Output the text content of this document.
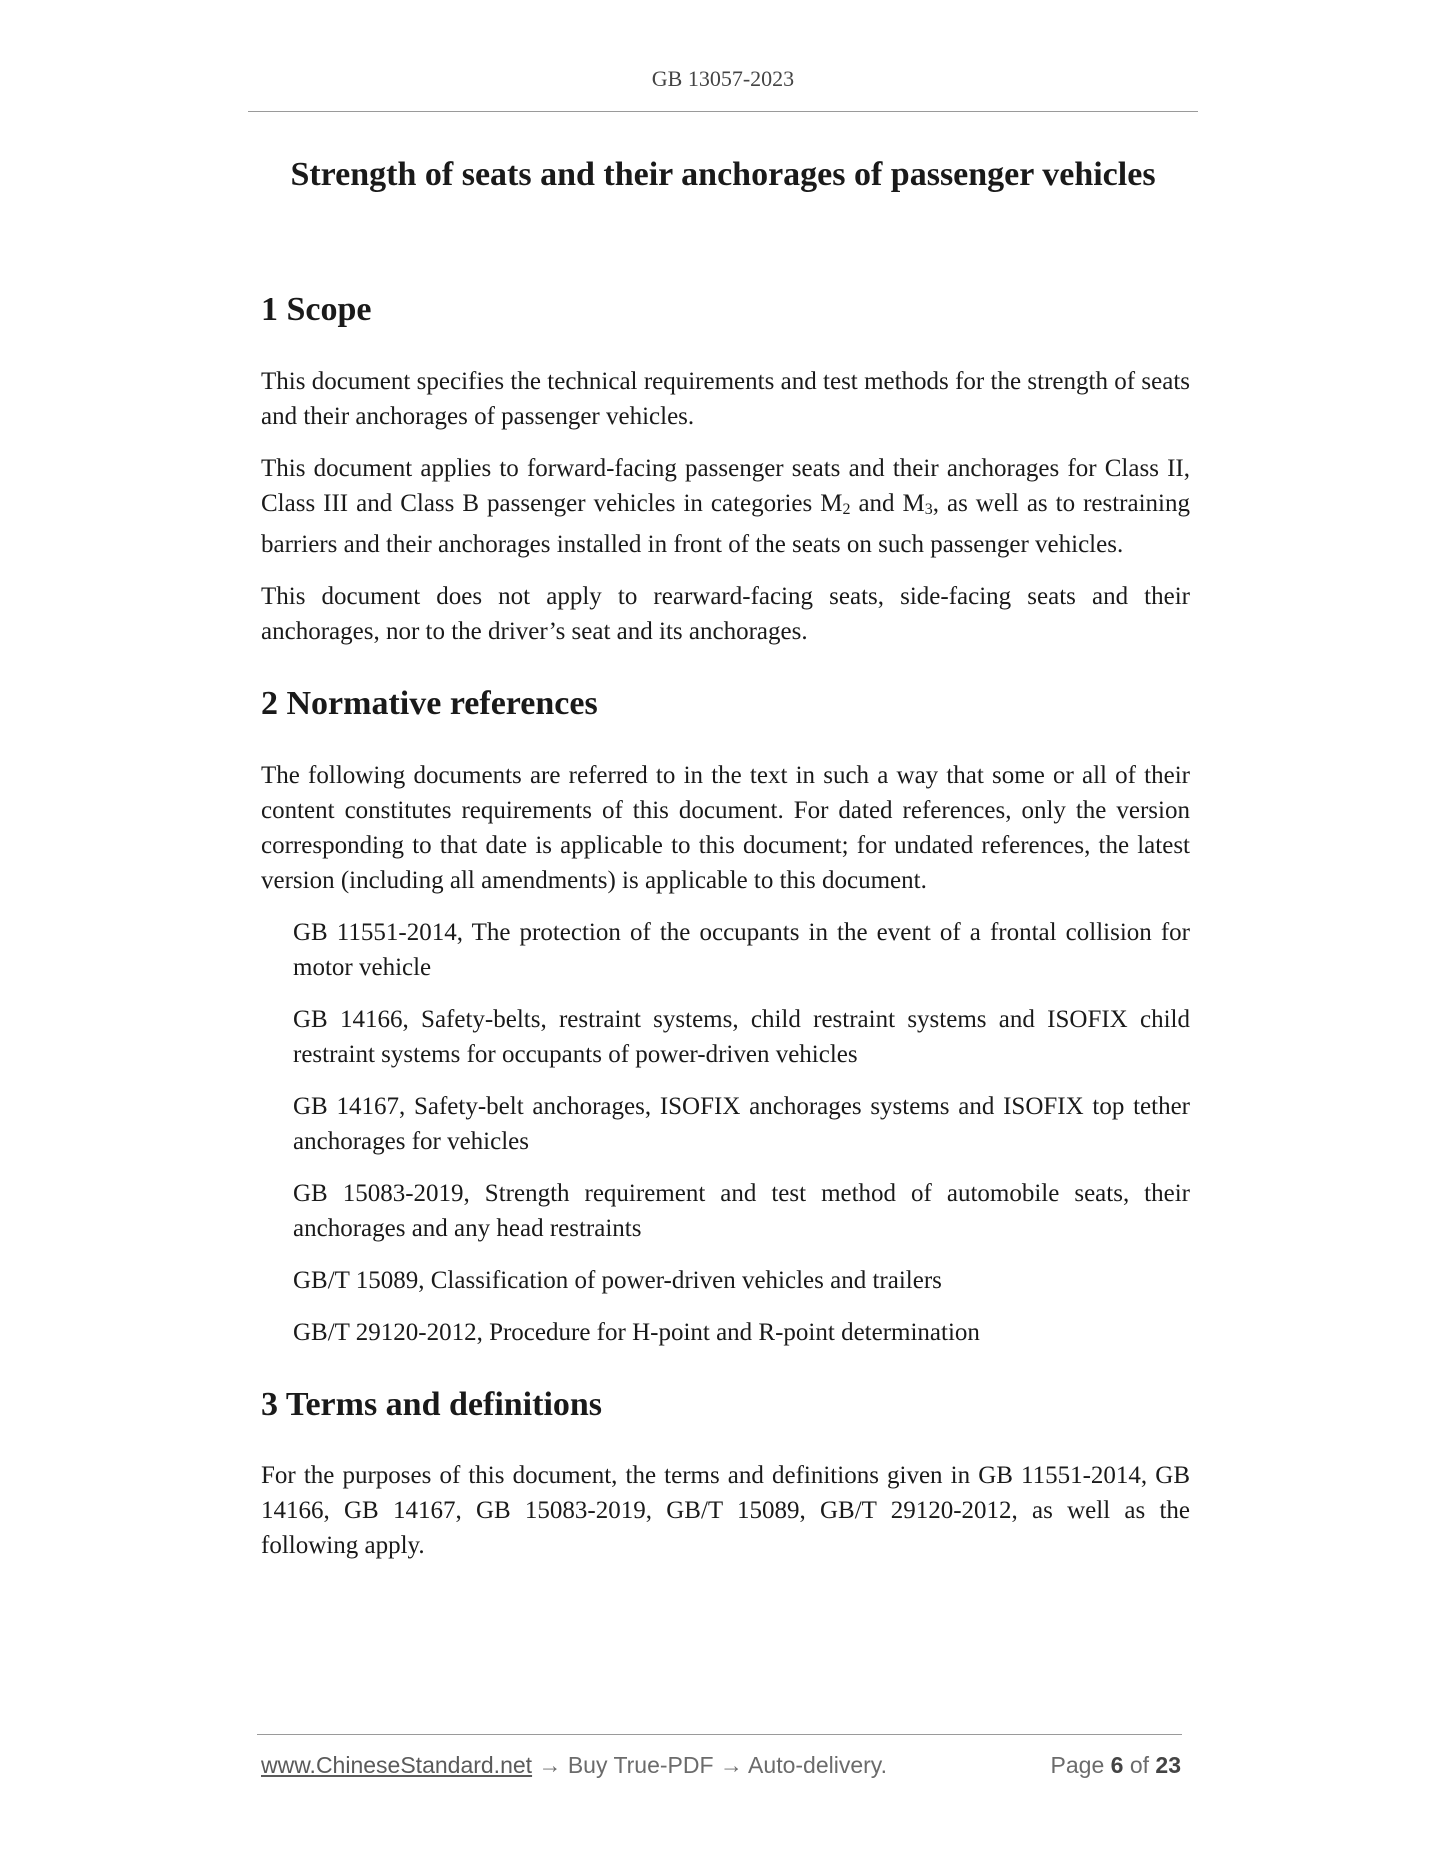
GB 13057-2023
Strength of seats and their anchorages of passenger vehicles
1 Scope

This document specifies the technical requirements and test methods for the strength of seats and their anchorages of passenger vehicles.

This document applies to forward-facing passenger seats and their anchorages for Class II, Class III and Class B passenger vehicles in categories $M_2$ and $M_3$, as well as to restraining barriers and their anchorages installed in front of the seats on such passenger vehicles.

This document does not apply to rearward-facing seats, side-facing seats and their anchorages, nor to the driver’s seat and its anchorages.

2 Normative references

The following documents are referred to in the text in such a way that some or all of their content constitutes requirements of this document. For dated references, only the version corresponding to that date is applicable to this document; for undated references, the latest version (including all amendments) is applicable to this document.

GB 11551-2014, The protection of the occupants in the event of a frontal collision for motor vehicle
GB 14166, Safety-belts, restraint systems, child restraint systems and ISOFIX child restraint systems for occupants of power-driven vehicles
GB 14167, Safety-belt anchorages, ISOFIX anchorages systems and ISOFIX top tether anchorages for vehicles
GB 15083-2019, Strength requirement and test method of automobile seats, their anchorages and any head restraints
GB/T 15089, Classification of power-driven vehicles and trailers
GB/T 29120-2012, Procedure for H-point and R-point determination
3 Terms and definitions

For the purposes of this document, the terms and definitions given in GB 11551-2014, GB 14166, GB 14167, GB 15083-2019, GB/T 15089, GB/T 29120-2012, as well as the following apply.

www.ChineseStandard.net → Buy True-PDF → Auto-delivery.	Page 6 of 23
